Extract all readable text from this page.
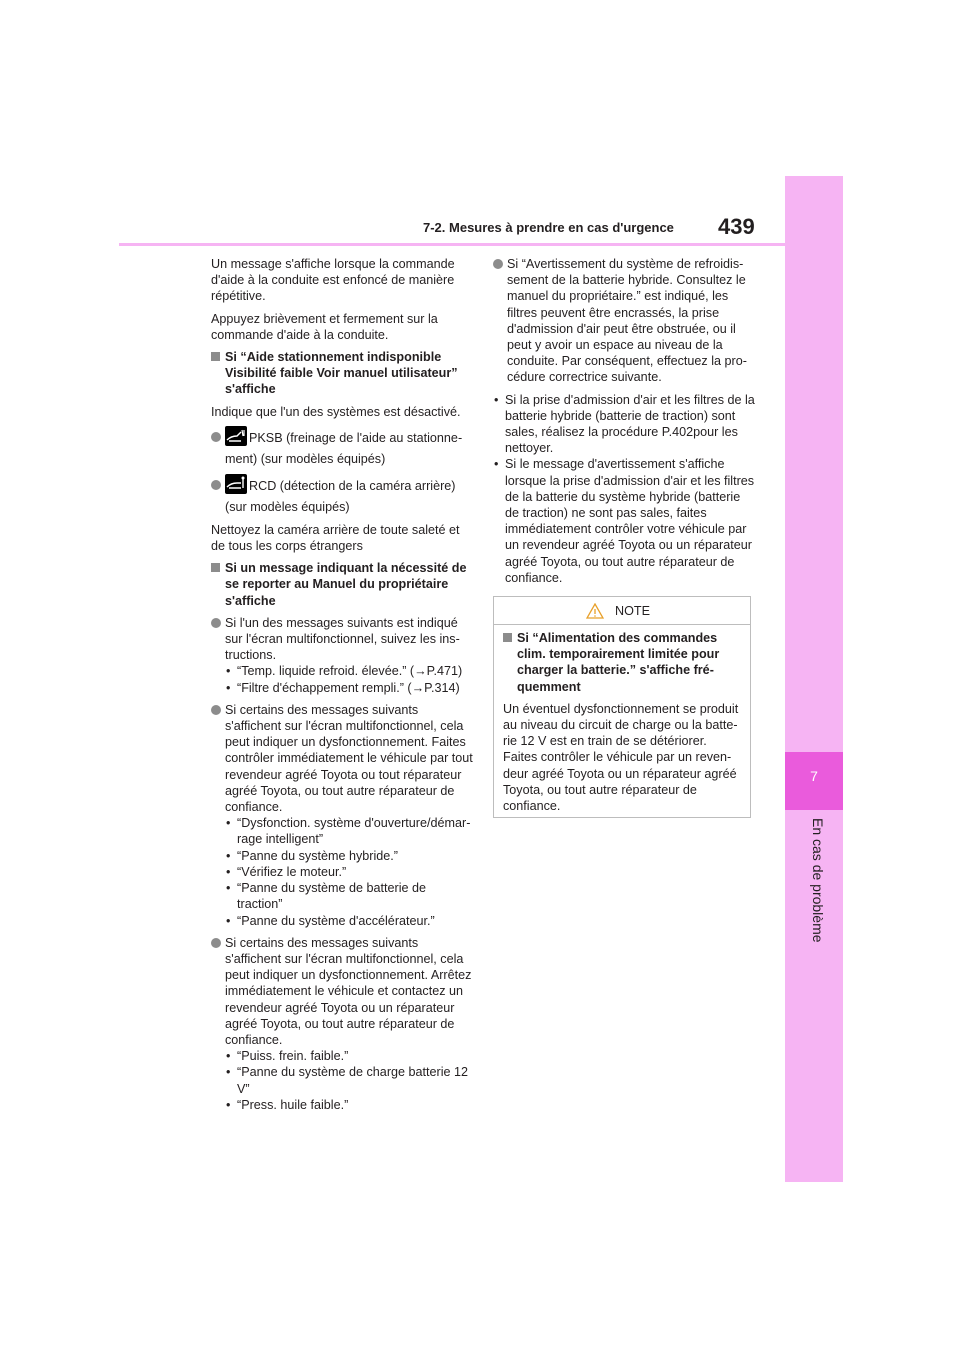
7
En cas de problème
7-2. Mesures à prendre en cas d'urgence 439

Un message s'affiche lorsque la commande d'aide à la conduite est enfoncé de manière répétitive.

Appuyez brièvement et fermement sur la commande d'aide à la conduite.

Si “Aide stationnement indisponible Visibilité faible Voir manuel utilisateur” s'affiche

Indique que l'un des systèmes est désactivé.

PKSB (freinage de l'aide au stationnement) (sur modèles équipés)
RCD (détection de la caméra arrière) (sur modèles équipés)

Nettoyez la caméra arrière de toute saleté et de tous les corps étrangers

Si un message indiquant la nécessité de se reporter au Manuel du propriétaire s'affiche
Si l'un des messages suivants est indiqué sur l'écran multifonctionnel, suivez les instructions.
• “Temp. liquide refroid. élevée.” (→P.471)
• “Filtre d'échappement rempli.” (→P.314)
Si certains des messages suivants s'affichent sur l'écran multifonctionnel, cela peut indiquer un dysfonctionnement. Faites contrôler immédiatement le véhicule par tout revendeur agréé Toyota ou tout réparateur agréé Toyota, ou tout autre réparateur de confiance.
• “Dysfonction. système d'ouverture/démarrage intelligent”
• “Panne du système hybride.”
• “Vérifiez le moteur.”
• “Panne du système de batterie de traction”
• “Panne du système d'accélérateur.”
Si certains des messages suivants s'affichent sur l'écran multifonctionnel, cela peut indiquer un dysfonctionnement. Arrêtez immédiatement le véhicule et contactez un revendeur agréé Toyota ou un réparateur agréé Toyota, ou tout autre réparateur de confiance.
• “Puiss. frein. faible.”
• “Panne du système de charge batterie 12 V”
• “Press. huile faible.”
Si “Avertissement du système de refroidissement de la batterie hybride. Consultez le manuel du propriétaire.” est indiqué, les filtres peuvent être encrassés, la prise d'admission d'air peut être obstruée, ou il peut y avoir un espace au niveau de la conduite. Par conséquent, effectuez la procédure correctrice suivante.
• Si la prise d'admission d'air et les filtres de la batterie hybride (batterie de traction) sont sales, réalisez la procédure P.402pour les nettoyer.
• Si le message d'avertissement s'affiche lorsque la prise d'admission d'air et les filtres de la batterie du système hybride (batterie de traction) ne sont pas sales, faites immédiatement contrôler votre véhicule par un revendeur agréé Toyota ou un réparateur agréé Toyota, ou tout autre réparateur de confiance.
NOTE
Si “Alimentation des commandes clim. temporairement limitée pour charger la batterie.” s'affiche fréquemment

Un éventuel dysfonctionnement se produit au niveau du circuit de charge ou la batterie 12 V est en train de se détériorer. Faites contrôler le véhicule par un revendeur agréé Toyota ou un réparateur agréé Toyota, ou tout autre réparateur de confiance.
